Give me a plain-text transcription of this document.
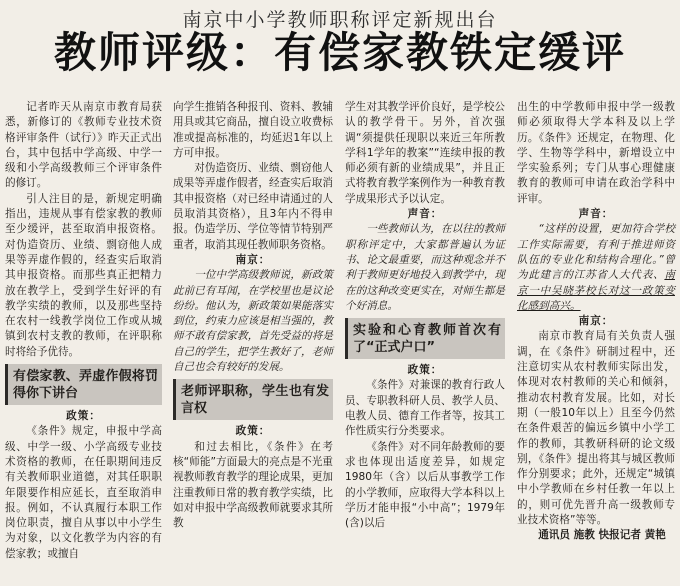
南京中小学教师职称评定新规出台
教师评级：有偿家教铁定缓评

记者昨天从南京市教育局获悉，新修订的《教师专业技术资格评审条件（试行）》昨天正式出台，其中包括中学高级、中学一级和小学高级教师三个评审条件的修订。

引人注目的是，新规定明确指出，违规从事有偿家教的教师至少缓评，甚至取消申报资格。对伪造资历、业绩、剽窃他人成果等弄虚作假的，经查实后取消其申报资格。而那些真正把精力放在教学上，受到学生好评的有教学实绩的教师，以及那些坚持在农村一线教学岗位工作或从城镇到农村支教的教师，在评职称时将给予优待。

有偿家教、弄虚作假将罚得你下讲台

政策：

《条件》规定，申报中学高级、中学一级、小学高级专业技术资格的教师，在任职期间违反有关教师职业道德，对其任职职年限要作相应延长，直至取消申报。例如，不认真履行本职工作岗位职责，擅自从事以中小学生为对象，以文化教学为内容的有偿家教；或擅自

向学生推销各种报刊、资料、教辅用具或其它商品，擅自设立收费标准或提高标准的，均延迟1年以上方可申报。

对伪造资历、业绩、剽窃他人成果等弄虚作假者，经查实后取消其申报资格（对已经申请通过的人员取消其资格），且3年内不得申报。伪造学历、学位等情节特别严重者，取消其现任教师职务资格。

南京：

一位中学高级教师说，新政策此前已有耳闻，在学校里也是议论纷纷。他认为，新政策如果能落实到位，约束力应该是相当强的，教师不敢有偿家教，首先受益的将是自己的学生，把学生教好了，老师自己也会有较好的发展。

老师评职称，学生也有发言权

政策：

和过去相比，《条件》在考核“师能”方面最大的亮点是不光重视教师教育教学的理论成果，更加注重教师日常的教育教学实绩，比如对申报中学高级教师就要求其所教

学生对其教学评价良好，是学校公认的教学骨干。另外，首次强调“须提供任现职以来近三年所教学科1学年的教案”“连续申报的教师必须有新的业绩成果”，并且正式将教育教学案例作为一种教育教学成果形式予以认定。

声音：

一些教师认为，在以往的教师职称评定中，大家都普遍认为证书、论文最重要，而这种观念并不利于教师更好地投入到教学中，现在的这种改变更实在，对师生都是个好消息。

实验和心育教师首次有了“正式户口”

政策：

《条件》对兼课的教育行政人员、专职教科研人员、教学人员、电教人员、德育工作者等，按其工作性质实行分类要求。

《条件》对不同年龄教师的要求也体现出适度差异，如规定1980年（含）以后从事教学工作的小学教师，应取得大学本科以上学历才能申报“小中高”；1979年(含)以后

出生的中学教师申报中学一级教师必须取得大学本科及以上学历。《条件》还规定，在物理、化学、生物等学科中，新增设立中学实验系列；专门从事心理健康教育的教师可申请在政治学科中评审。

声音：

“这样的设置，更加符合学校工作实际需要，有利于推进师资队伍的专业化和结构合理化。”曾为此建言的江苏省人大代表、南京一中吴晓茅校长对这一政策变化感到高兴。

南京：

南京市教育局有关负责人强调，在《条件》研制过程中，还注意切实从农村教师实际出发，体现对农村教师的关心和倾斜，推动农村教育发展。比如，对长期（一般10年以上）且至今仍然在条件艰苦的偏远乡镇中小学工作的教师，其教研科研的论文级别，《条件》提出将其与城区教师作分别要求；此外，还规定“城镇中小学教师在乡村任教一年以上的，则可优先晋升高一级教师专业技术资格”等等。

通讯员 施教 快报记者 黄艳
